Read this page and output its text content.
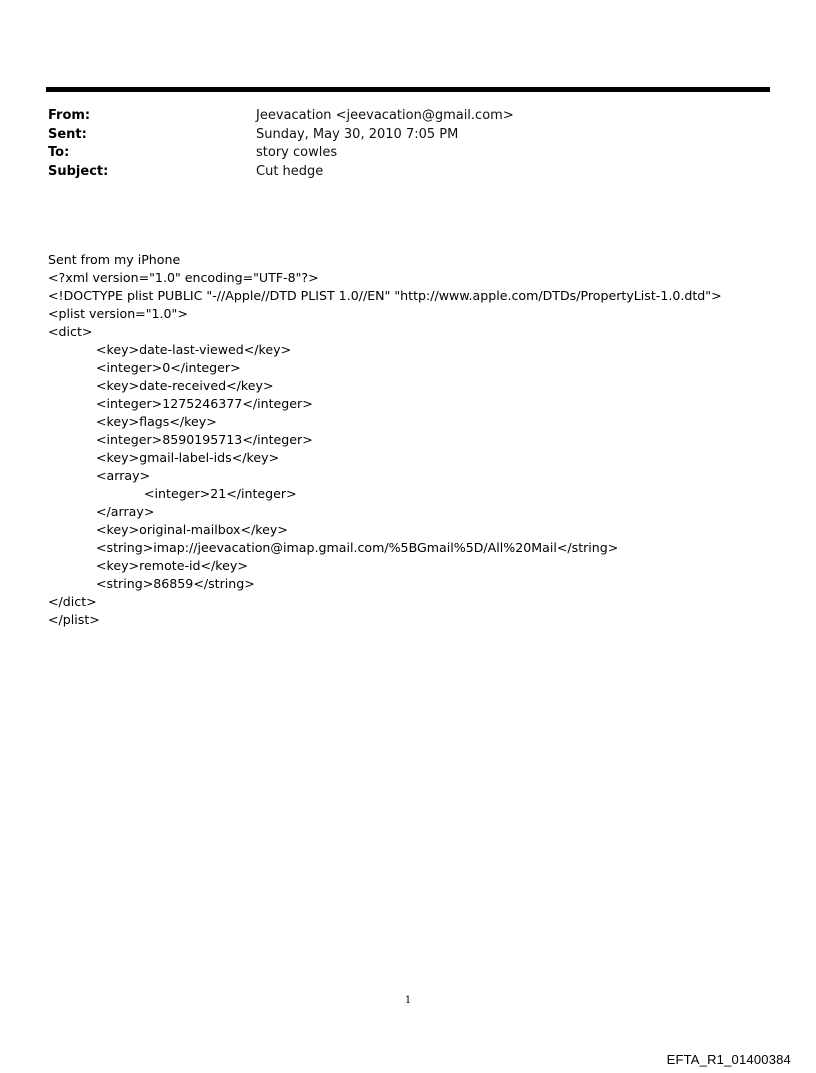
From:	Jeevacation <jeevacation@gmail.com>
Sent:	Sunday, May 30, 2010 7:05 PM
To:	story cowles
Subject:	Cut hedge
Sent from my iPhone
<?xml version="1.0" encoding="UTF-8"?>
<!DOCTYPE plist PUBLIC "-//Apple//DTD PLIST 1.0//EN" "http://www.apple.com/DTDs/PropertyList-1.0.dtd">
<plist version="1.0">
<dict>
<key>date-last-viewed</key>
<integer>0</integer>
<key>date-received</key>
<integer>1275246377</integer>
<key>flags</key>
<integer>8590195713</integer>
<key>gmail-label-ids</key>
<array>
<integer>21</integer>
</array>
<key>original-mailbox</key>
<string>imap://jeevacation@imap.gmail.com/%5BGmail%5D/All%20Mail</string>
<key>remote-id</key>
<string>86859</string>
</dict>
</plist>
1
EFTA_R1_01400384
